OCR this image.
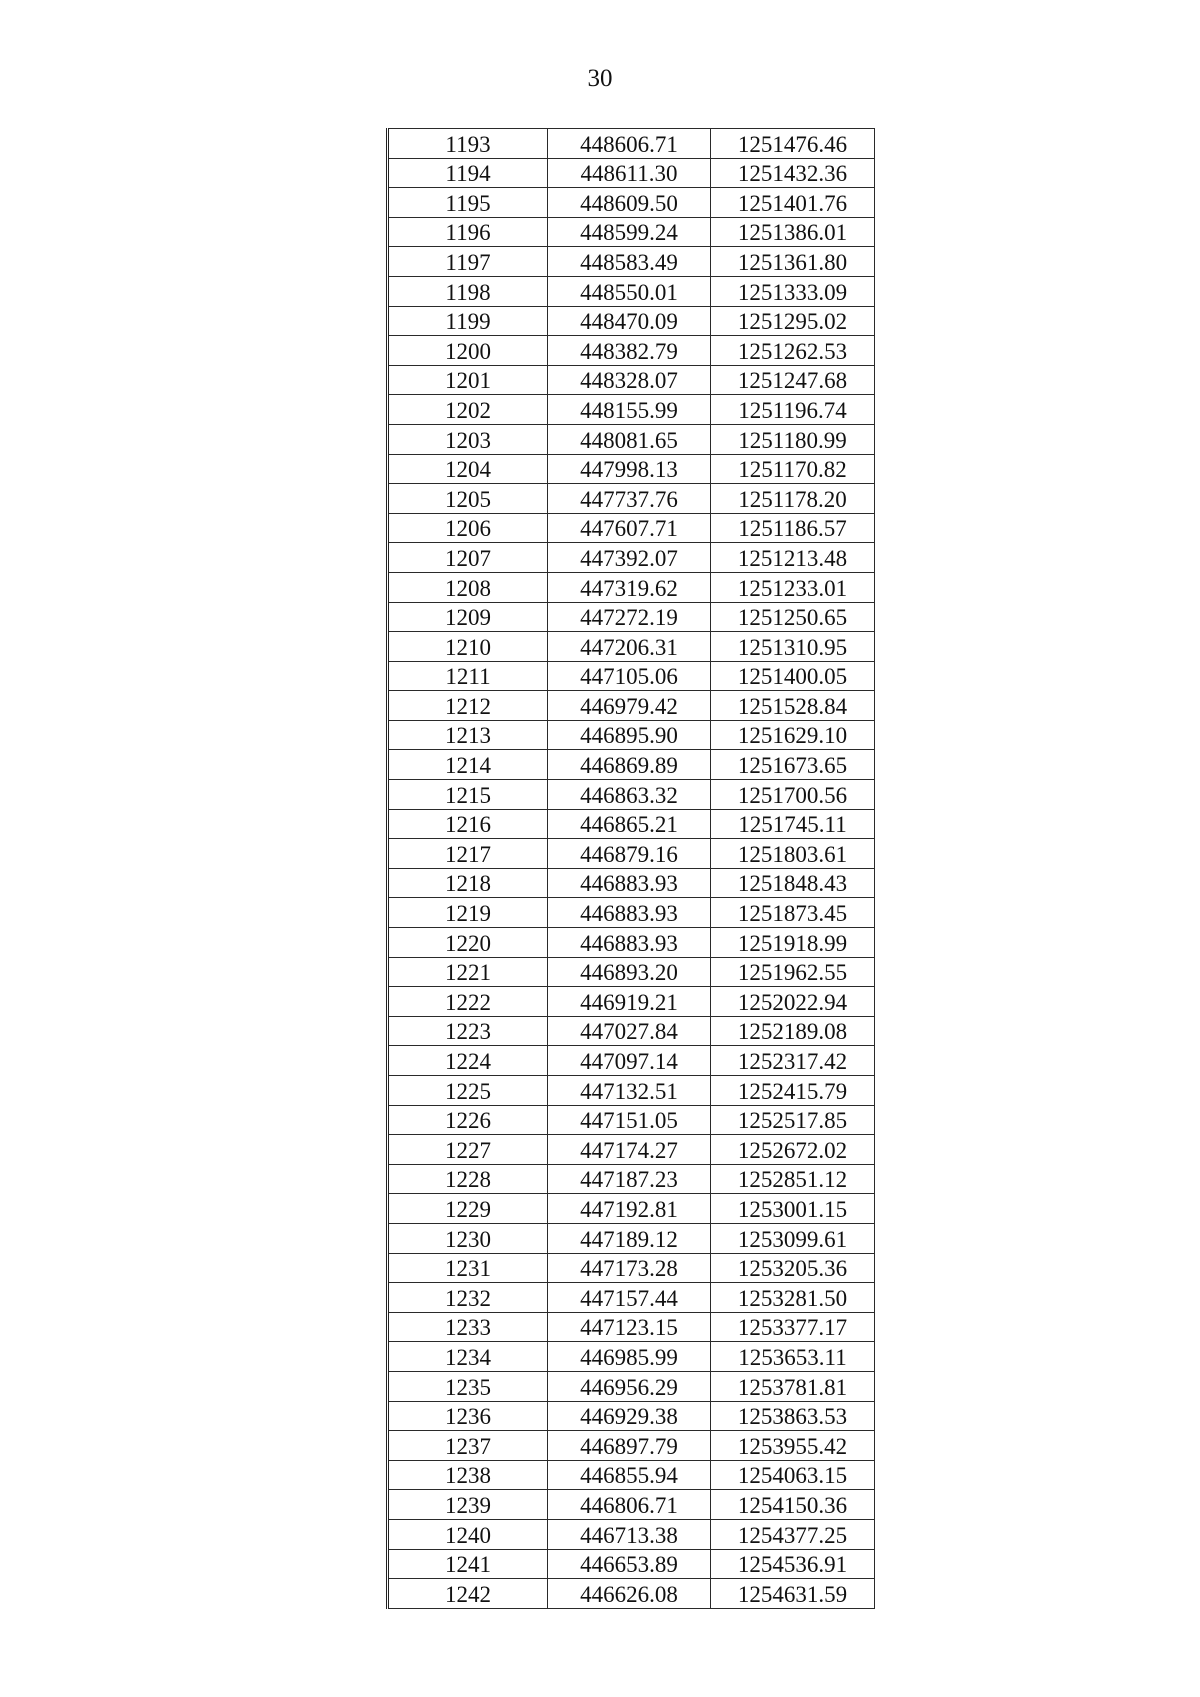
30
1193	448606.71	1251476.46
1194	448611.30	1251432.36
1195	448609.50	1251401.76
1196	448599.24	1251386.01
1197	448583.49	1251361.80
1198	448550.01	1251333.09
1199	448470.09	1251295.02
1200	448382.79	1251262.53
1201	448328.07	1251247.68
1202	448155.99	1251196.74
1203	448081.65	1251180.99
1204	447998.13	1251170.82
1205	447737.76	1251178.20
1206	447607.71	1251186.57
1207	447392.07	1251213.48
1208	447319.62	1251233.01
1209	447272.19	1251250.65
1210	447206.31	1251310.95
1211	447105.06	1251400.05
1212	446979.42	1251528.84
1213	446895.90	1251629.10
1214	446869.89	1251673.65
1215	446863.32	1251700.56
1216	446865.21	1251745.11
1217	446879.16	1251803.61
1218	446883.93	1251848.43
1219	446883.93	1251873.45
1220	446883.93	1251918.99
1221	446893.20	1251962.55
1222	446919.21	1252022.94
1223	447027.84	1252189.08
1224	447097.14	1252317.42
1225	447132.51	1252415.79
1226	447151.05	1252517.85
1227	447174.27	1252672.02
1228	447187.23	1252851.12
1229	447192.81	1253001.15
1230	447189.12	1253099.61
1231	447173.28	1253205.36
1232	447157.44	1253281.50
1233	447123.15	1253377.17
1234	446985.99	1253653.11
1235	446956.29	1253781.81
1236	446929.38	1253863.53
1237	446897.79	1253955.42
1238	446855.94	1254063.15
1239	446806.71	1254150.36
1240	446713.38	1254377.25
1241	446653.89	1254536.91
1242	446626.08	1254631.59
